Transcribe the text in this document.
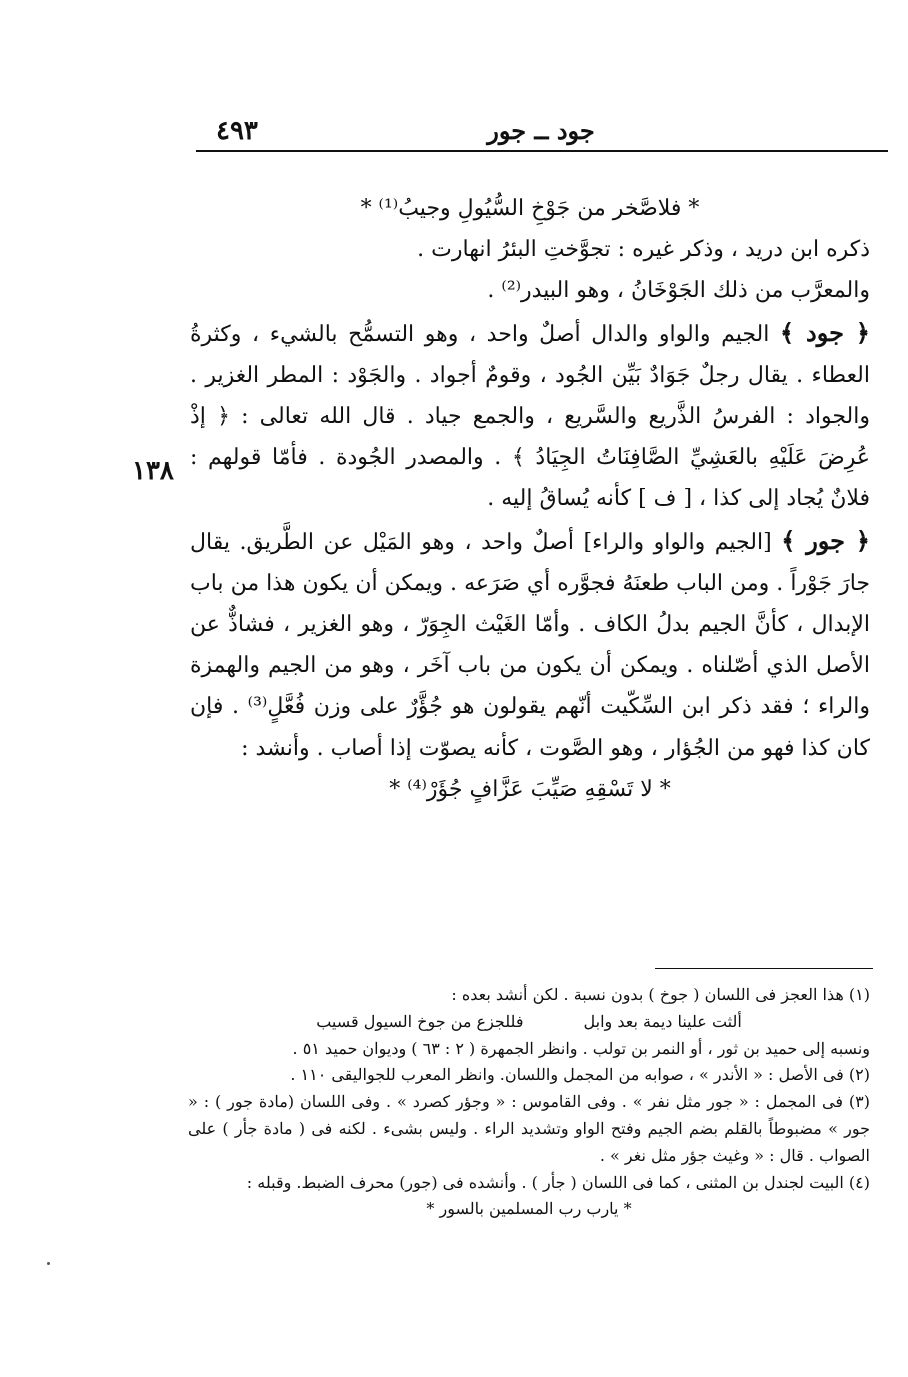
٤٩٣	جود ــ جور
١٣٨

* فلاصَّخر من جَوْخِ السُّيُولِ وجيبُ⁽¹⁾ *

ذكره ابن دريد ، وذكر غيره : تجوَّختِ البئرُ انهارت .

والمعرَّب من ذلك الجَوْخَانُ ، وهو البيدر⁽²⁾ .

﴿ جود ﴾ الجيم والواو والدال أصلٌ واحد ، وهو التسمُّح بالشيء ، وكثرةُ العطاء . يقال رجلٌ جَوَادٌ بَيِّن الجُود ، وقومٌ أجواد . والجَوْد : المطر الغزير . والجواد : الفرسُ الذَّريع والسَّريع ، والجمع جياد . قال الله تعالى : ﴿ إذْ عُرِضَ عَلَيْهِ بالعَشِيِّ الصَّافِنَاتُ الجِيَادُ ﴾ . والمصدر الجُودة . فأمّا قولهم : فلانٌ يُجاد إلى كذا ، [ ف ] كأنه يُساقُ إليه .

﴿ جور ﴾ [الجيم والواو والراء] أصلٌ واحد ، وهو المَيْل عن الطَّريق. يقال جارَ جَوْراً . ومن الباب طعنَهُ فجوَّره أي صَرَعه . ويمكن أن يكون هذا من باب الإبدال ، كأنَّ الجيم بدلُ الكاف . وأمّا الغَيْث الجِوَرّ ، وهو الغزير ، فشاذٌّ عن الأصل الذي أصّلناه . ويمكن أن يكون من باب آخَر ، وهو من الجيم والهمزة والراء ؛ فقد ذكر ابن السِّكّيت أنّهم يقولون هو جُؤَّرٌ على وزن فُعَّلٍ⁽³⁾ . فإن كان كذا فهو من الجُؤار ، وهو الصَّوت ، كأنه يصوّت إذا أصاب . وأنشد :

* لا تَسْقِهِ صَيِّبَ عَزَّافٍ جُؤَرْ⁽⁴⁾ *

(١) هذا العجز فى اللسان ( جوخ ) بدون نسبة . لكن أنشد بعده :

ألثت علينا ديمة بعد وابل
فللجزع من جوخ السيول قسيب

ونسبه إلى حميد بن ثور ، أو النمر بن تولب . وانظر الجمهرة ( ٢ : ٦٣ ) وديوان حميد ٥١ .

(٢) فى الأصل : « الأندر » ، صوابه من المجمل واللسان. وانظر المعرب للجواليقى ١١٠ .

(٣) فى المجمل : « جور مثل نفر » . وفى القاموس : « وجؤر كصرد » . وفى اللسان (مادة جور ) : « جور » مضبوطاً بالقلم بضم الجيم وفتح الواو وتشديد الراء . وليس بشىء . لكنه فى ( مادة جأر ) على الصواب . قال : « وغيث جؤر مثل نغر » .

(٤) البيت لجندل بن المثنى ، كما فى اللسان ( جأر ) . وأنشده فى (جور) محرف الضبط. وقبله :

* يارب رب المسلمين بالسور *
